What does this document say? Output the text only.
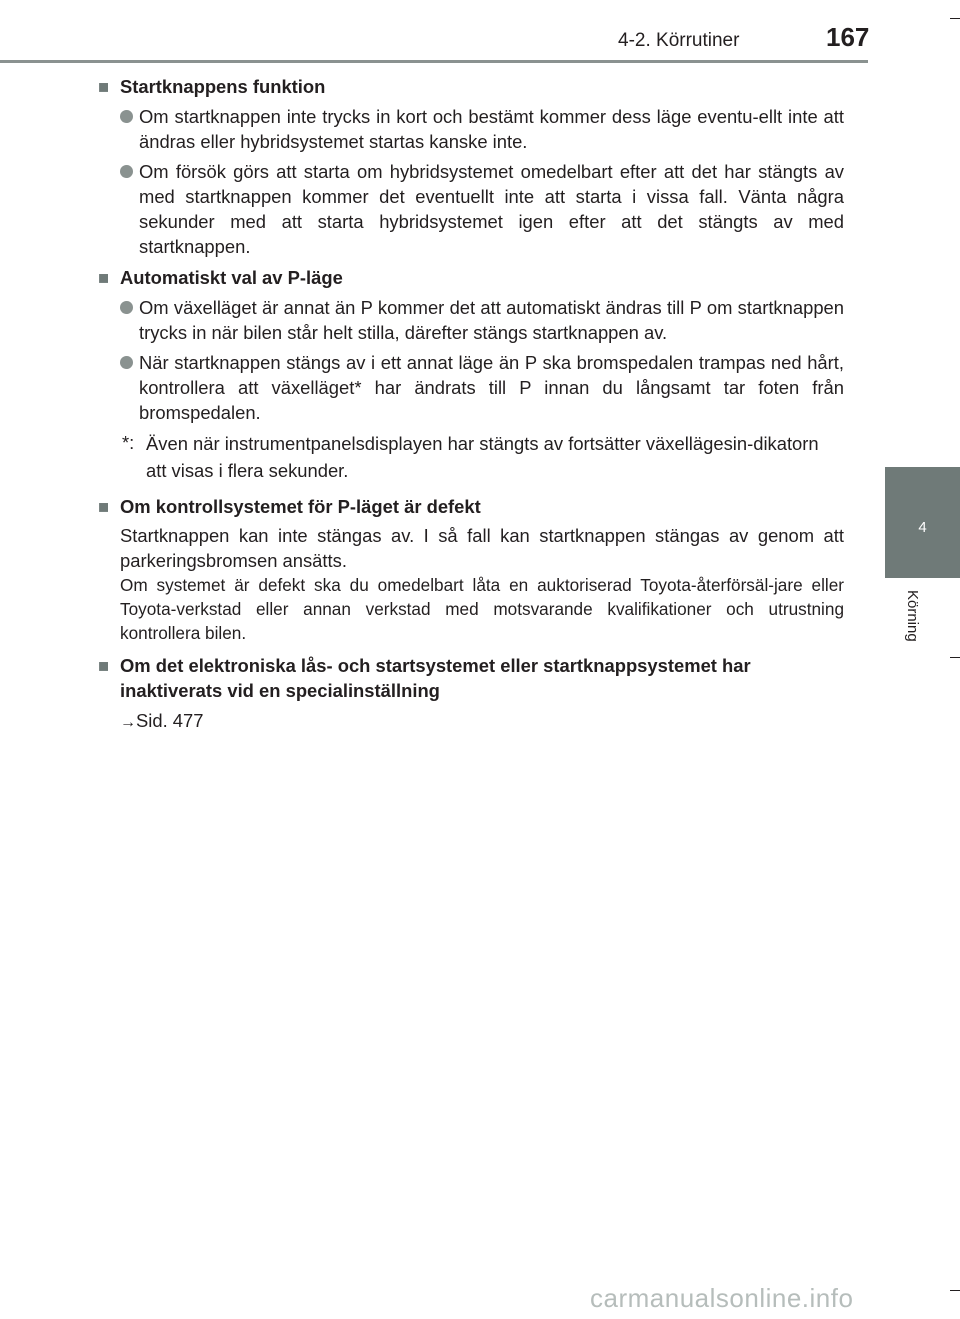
4-2. Körrutiner	167
4
Körning
■ Startknappens funktion
Om startknappen inte trycks in kort och bestämt kommer dess läge eventu-ellt inte att ändras eller hybridsystemet startas kanske inte.
Om försök görs att starta om hybridsystemet omedelbart efter att det har stängts av med startknappen kommer det eventuellt inte att starta i vissa fall. Vänta några sekunder med att starta hybridsystemet igen efter att det stängts av med startknappen.
■ Automatiskt val av P-läge
Om växelläget är annat än P kommer det att automatiskt ändras till P om startknappen trycks in när bilen står helt stilla, därefter stängs startknappen av.
När startknappen stängs av i ett annat läge än P ska bromspedalen trampas ned hårt, kontrollera att växelläget* har ändrats till P innan du långsamt tar foten från bromspedalen.
*: Även när instrumentpanelsdisplayen har stängts av fortsätter växellägesin-dikatorn att visas i flera sekunder.
■ Om kontrollsystemet för P-läget är defekt
Startknappen kan inte stängas av. I så fall kan startknappen stängas av genom att parkeringsbromsen ansätts.
Om systemet är defekt ska du omedelbart låta en auktoriserad Toyota-återförsäl-jare eller Toyota-verkstad eller annan verkstad med motsvarande kvalifikationer och utrustning kontrollera bilen.
■ Om det elektroniska lås- och startsystemet eller startknappsystemet har inaktiverats vid en specialinställning
→Sid. 477
carmanualsonline.info
